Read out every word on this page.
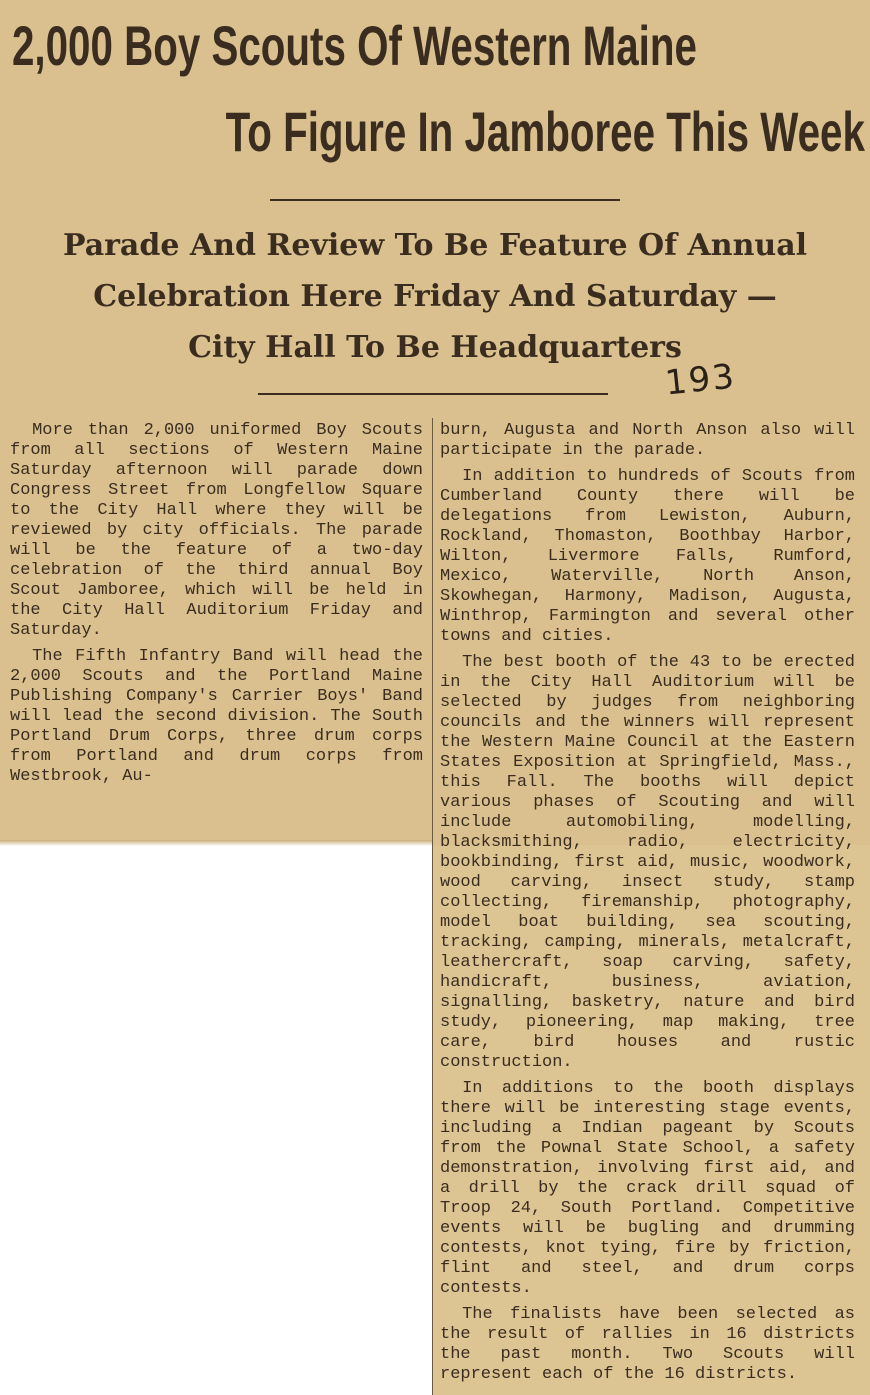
2,000 Boy Scouts Of Western Maine
To Figure In Jamboree This Week
Parade And Review To Be Feature Of Annual
Celebration Here Friday And Saturday —
City Hall To Be Headquarters
193

More than 2,000 uniformed Boy Scouts from all sections of Western Maine Saturday afternoon will parade down Congress Street from Longfellow Square to the City Hall where they will be reviewed by city officials. The parade will be the feature of a two-day celebration of the third annual Boy Scout Jamboree, which will be held in the City Hall Auditorium Friday and Saturday.

The Fifth Infantry Band will head the 2,000 Scouts and the Portland Maine Publishing Company's Carrier Boys' Band will lead the second division. The South Portland Drum Corps, three drum corps from Portland and drum corps from Westbrook, Au-

burn, Augusta and North Anson also will participate in the parade.

In addition to hundreds of Scouts from Cumberland County there will be delegations from Lewiston, Auburn, Rockland, Thomaston, Boothbay Harbor, Wilton, Livermore Falls, Rumford, Mexico, Waterville, North Anson, Skowhegan, Harmony, Madison, Augusta, Winthrop, Farmington and several other towns and cities.

The best booth of the 43 to be erected in the City Hall Auditorium will be selected by judges from neighboring councils and the winners will represent the Western Maine Council at the Eastern States Exposition at Springfield, Mass., this Fall. The booths will depict various phases of Scouting and will include automobiling, modelling, blacksmithing, radio, electricity, bookbinding, first aid, music, woodwork, wood carving, insect study, stamp collecting, firemanship, photography, model boat building, sea scouting, tracking, camping, minerals, metalcraft, leathercraft, soap carving, safety, handicraft, business, aviation, signalling, basketry, nature and bird study, pioneering, map making, tree care, bird houses and rustic construction.

In additions to the booth displays there will be interesting stage events, including a Indian pageant by Scouts from the Pownal State School, a safety demonstration, involving first aid, and a drill by the crack drill squad of Troop 24, South Portland. Competitive events will be bugling and drumming contests, knot tying, fire by friction, flint and steel, and drum corps contests.

The finalists have been selected as the result of rallies in 16 districts the past month. Two Scouts will represent each of the 16 districts.
